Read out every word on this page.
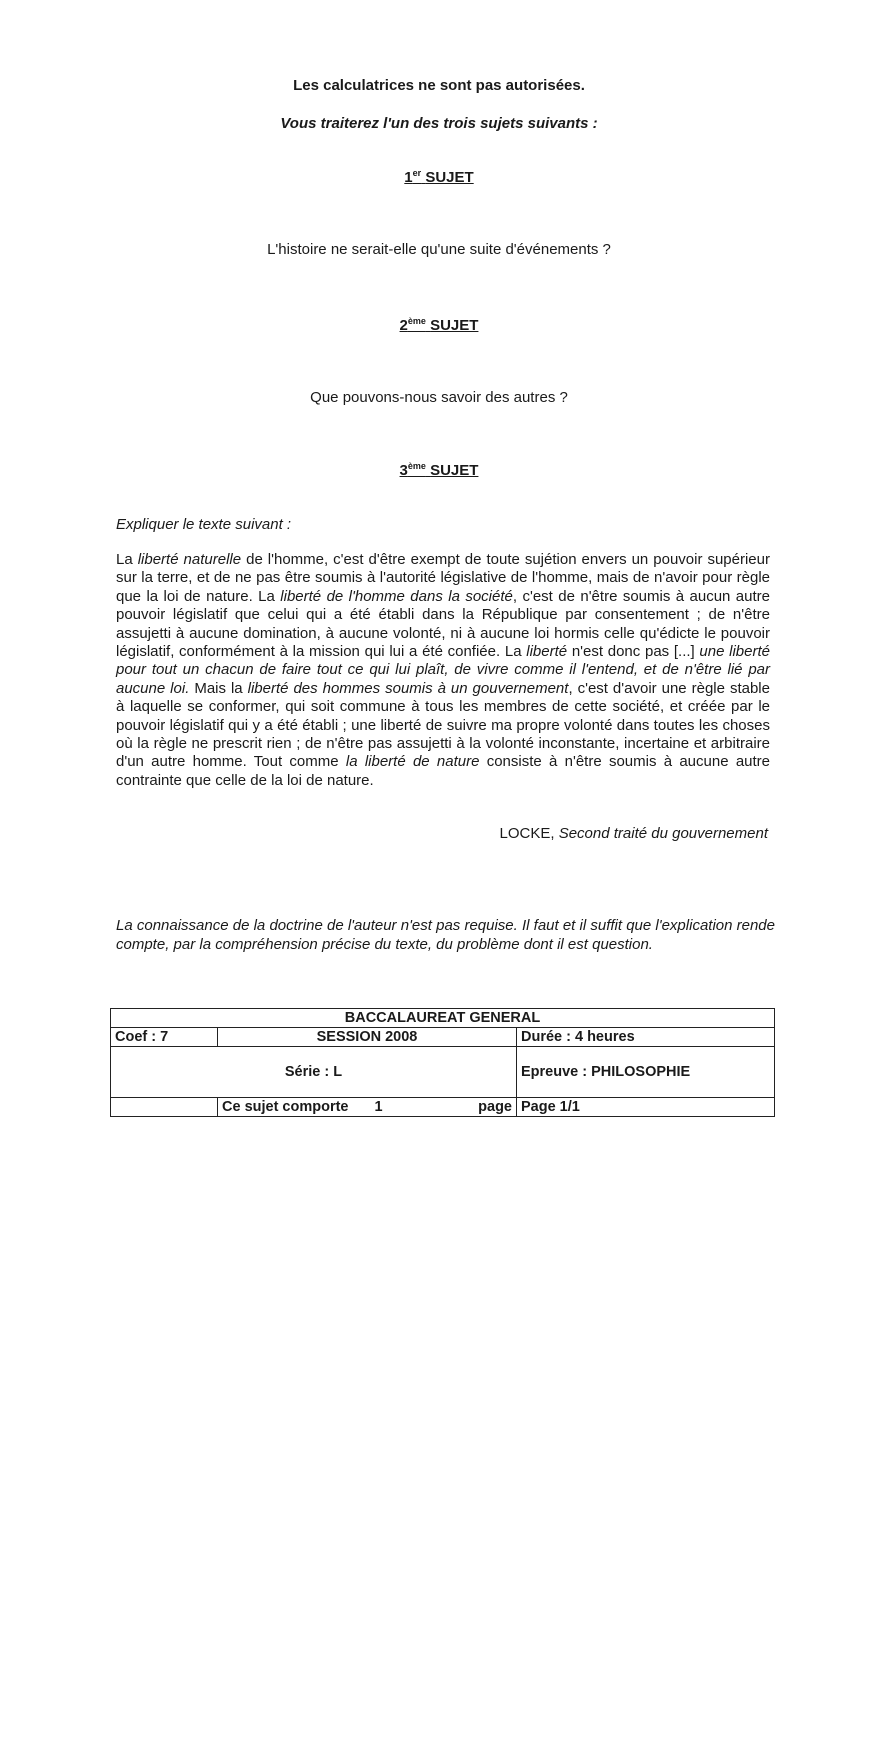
Les calculatrices ne sont pas autorisées.
Vous traiterez l'un des trois sujets suivants :
1er SUJET
L'histoire ne serait-elle qu'une suite d'événements ?
2ème SUJET
Que pouvons-nous savoir des autres ?
3ème SUJET
Expliquer le texte suivant :
La liberté naturelle de l'homme, c'est d'être exempt de toute sujétion envers un pouvoir supérieur sur la terre, et de ne pas être soumis à l'autorité législative de l'homme, mais de n'avoir pour règle que la loi de nature. La liberté de l'homme dans la société, c'est de n'être soumis à aucun autre pouvoir législatif que celui qui a été établi dans la République par consentement ; de n'être assujetti à aucune domination, à aucune volonté, ni à aucune loi hormis celle qu'édicte le pouvoir législatif, conformément à la mission qui lui a été confiée. La liberté n'est donc pas [...] une liberté pour tout un chacun de faire tout ce qui lui plaît, de vivre comme il l'entend, et de n'être lié par aucune loi. Mais la liberté des hommes soumis à un gouvernement, c'est d'avoir une règle stable à laquelle se conformer, qui soit commune à tous les membres de cette société, et créée par le pouvoir législatif qui y a été établi ; une liberté de suivre ma propre volonté dans toutes les choses où la règle ne prescrit rien ; de n'être pas assujetti à la volonté inconstante, incertaine et arbitraire d'un autre homme. Tout comme la liberté de nature consiste à n'être soumis à aucune autre contrainte que celle de la loi de nature.
LOCKE, Second traité du gouvernement
La connaissance de la doctrine de l'auteur n'est pas requise. Il faut et il suffit que l'explication rende compte, par la compréhension précise du texte, du problème dont il est question.
BACCALAUREAT GENERAL		
Coef : 7	SESSION 2008	Durée : 4 heures
Série : L		Epreuve : PHILOSOPHIE
	Ce sujet comporte 1 page	Page 1/1
